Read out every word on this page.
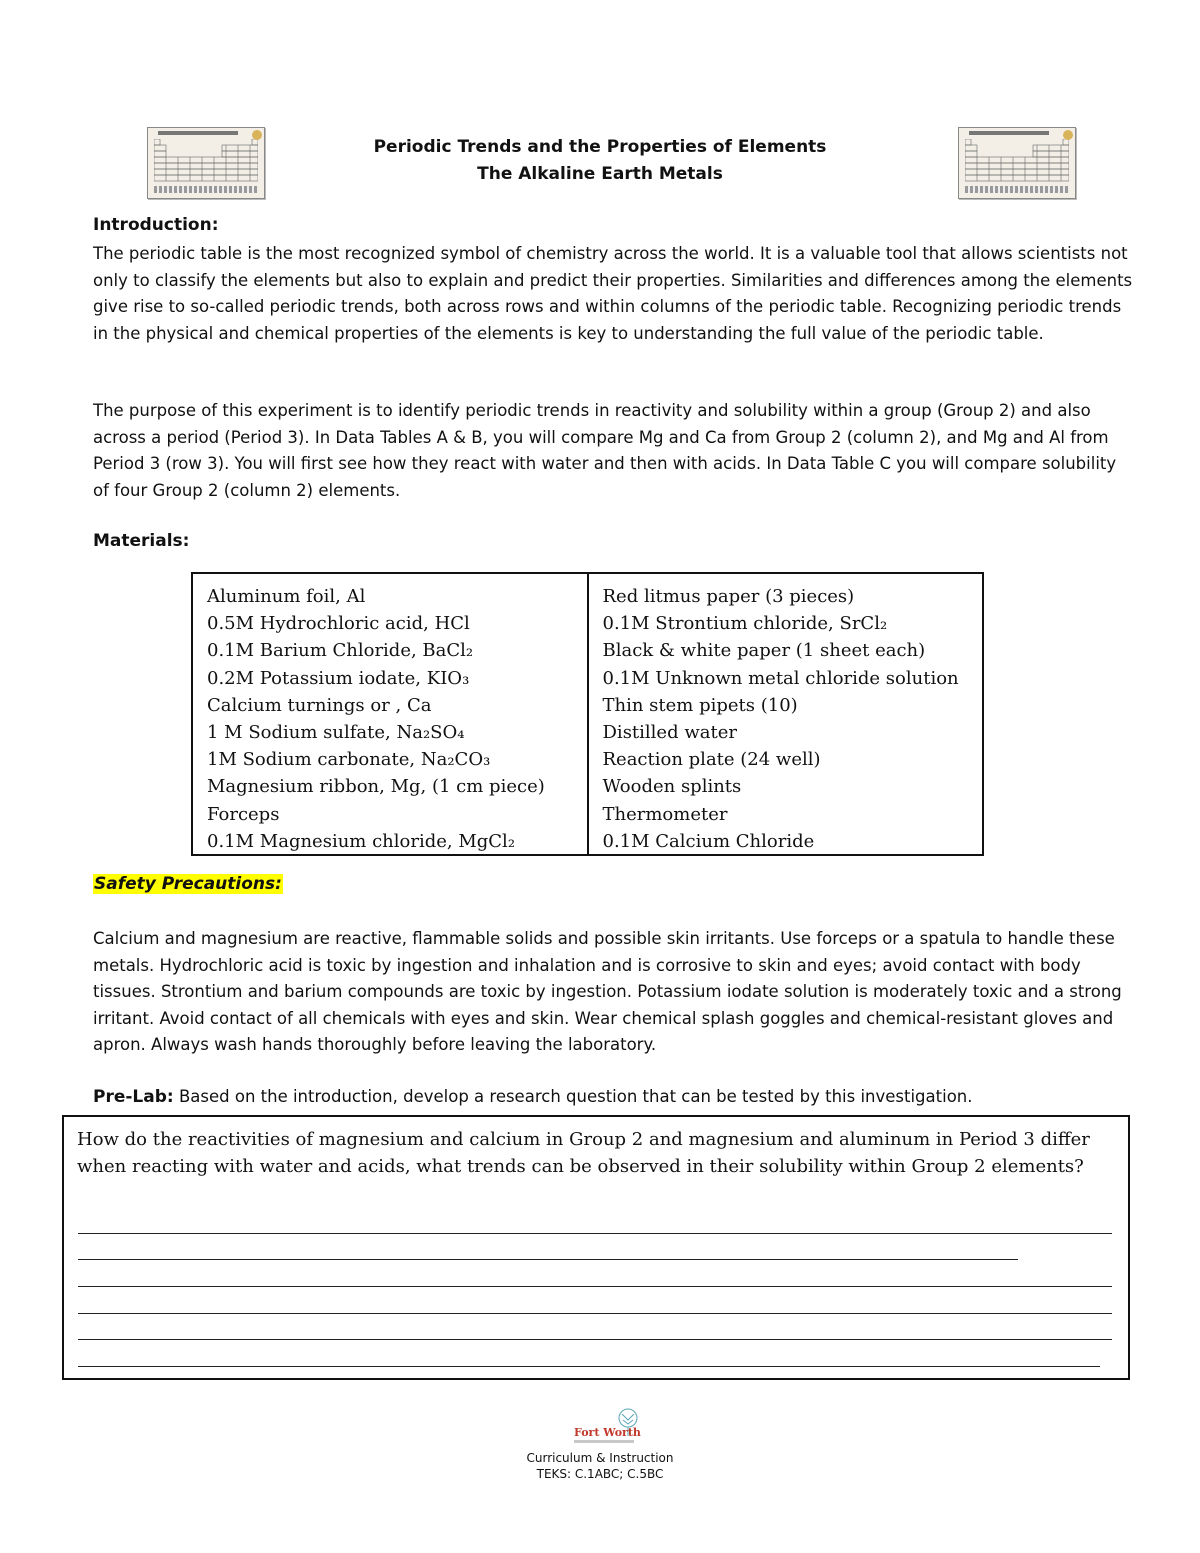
Periodic Trends and the Properties of Elements
The Alkaline Earth Metals
Introduction:
The periodic table is the most recognized symbol of chemistry across the world. It is a valuable tool that allows scientists not only to classify the elements but also to explain and predict their properties. Similarities and differences among the elements give rise to so-called periodic trends, both across rows and within columns of the periodic table. Recognizing periodic trends in the physical and chemical properties of the elements is key to understanding the full value of the periodic table.
The purpose of this experiment is to identify periodic trends in reactivity and solubility within a group (Group 2) and also across a period (Period 3). In Data Tables A & B, you will compare Mg and Ca from Group 2 (column 2), and Mg and Al from Period 3 (row 3). You will first see how they react with water and then with acids. In Data Table C you will compare solubility of four Group 2 (column 2) elements.
Materials:
Aluminum foil, Al
0.5M Hydrochloric acid, HCl
0.1M Barium Chloride, BaCl₂
0.2M Potassium iodate, KIO₃
Calcium turnings or , Ca
1 M Sodium sulfate, Na₂SO₄
1M Sodium carbonate, Na₂CO₃
Magnesium ribbon, Mg, (1 cm piece)
Forceps
0.1M Magnesium chloride, MgCl₂
Red litmus paper (3 pieces)
0.1M Strontium chloride, SrCl₂
Black & white paper (1 sheet each)
0.1M Unknown metal chloride solution
Thin stem pipets (10)
Distilled water
Reaction plate (24 well)
Wooden splints
Thermometer
0.1M Calcium Chloride
Safety Precautions:
Calcium and magnesium are reactive, flammable solids and possible skin irritants. Use forceps or a spatula to handle these metals. Hydrochloric acid is toxic by ingestion and inhalation and is corrosive to skin and eyes; avoid contact with body tissues. Strontium and barium compounds are toxic by ingestion. Potassium iodate solution is moderately toxic and a strong irritant. Avoid contact of all chemicals with eyes and skin. Wear chemical splash goggles and chemical-resistant gloves and apron. Always wash hands thoroughly before leaving the laboratory.
Pre-Lab: Based on the introduction, develop a research question that can be tested by this investigation.
How do the reactivities of magnesium and calcium in Group 2 and magnesium and aluminum in Period 3 differ when reacting with water and acids, what trends can be observed in their solubility within Group 2 elements?
Fort Worth
Curriculum & Instruction
TEKS: C.1ABC; C.5BC
